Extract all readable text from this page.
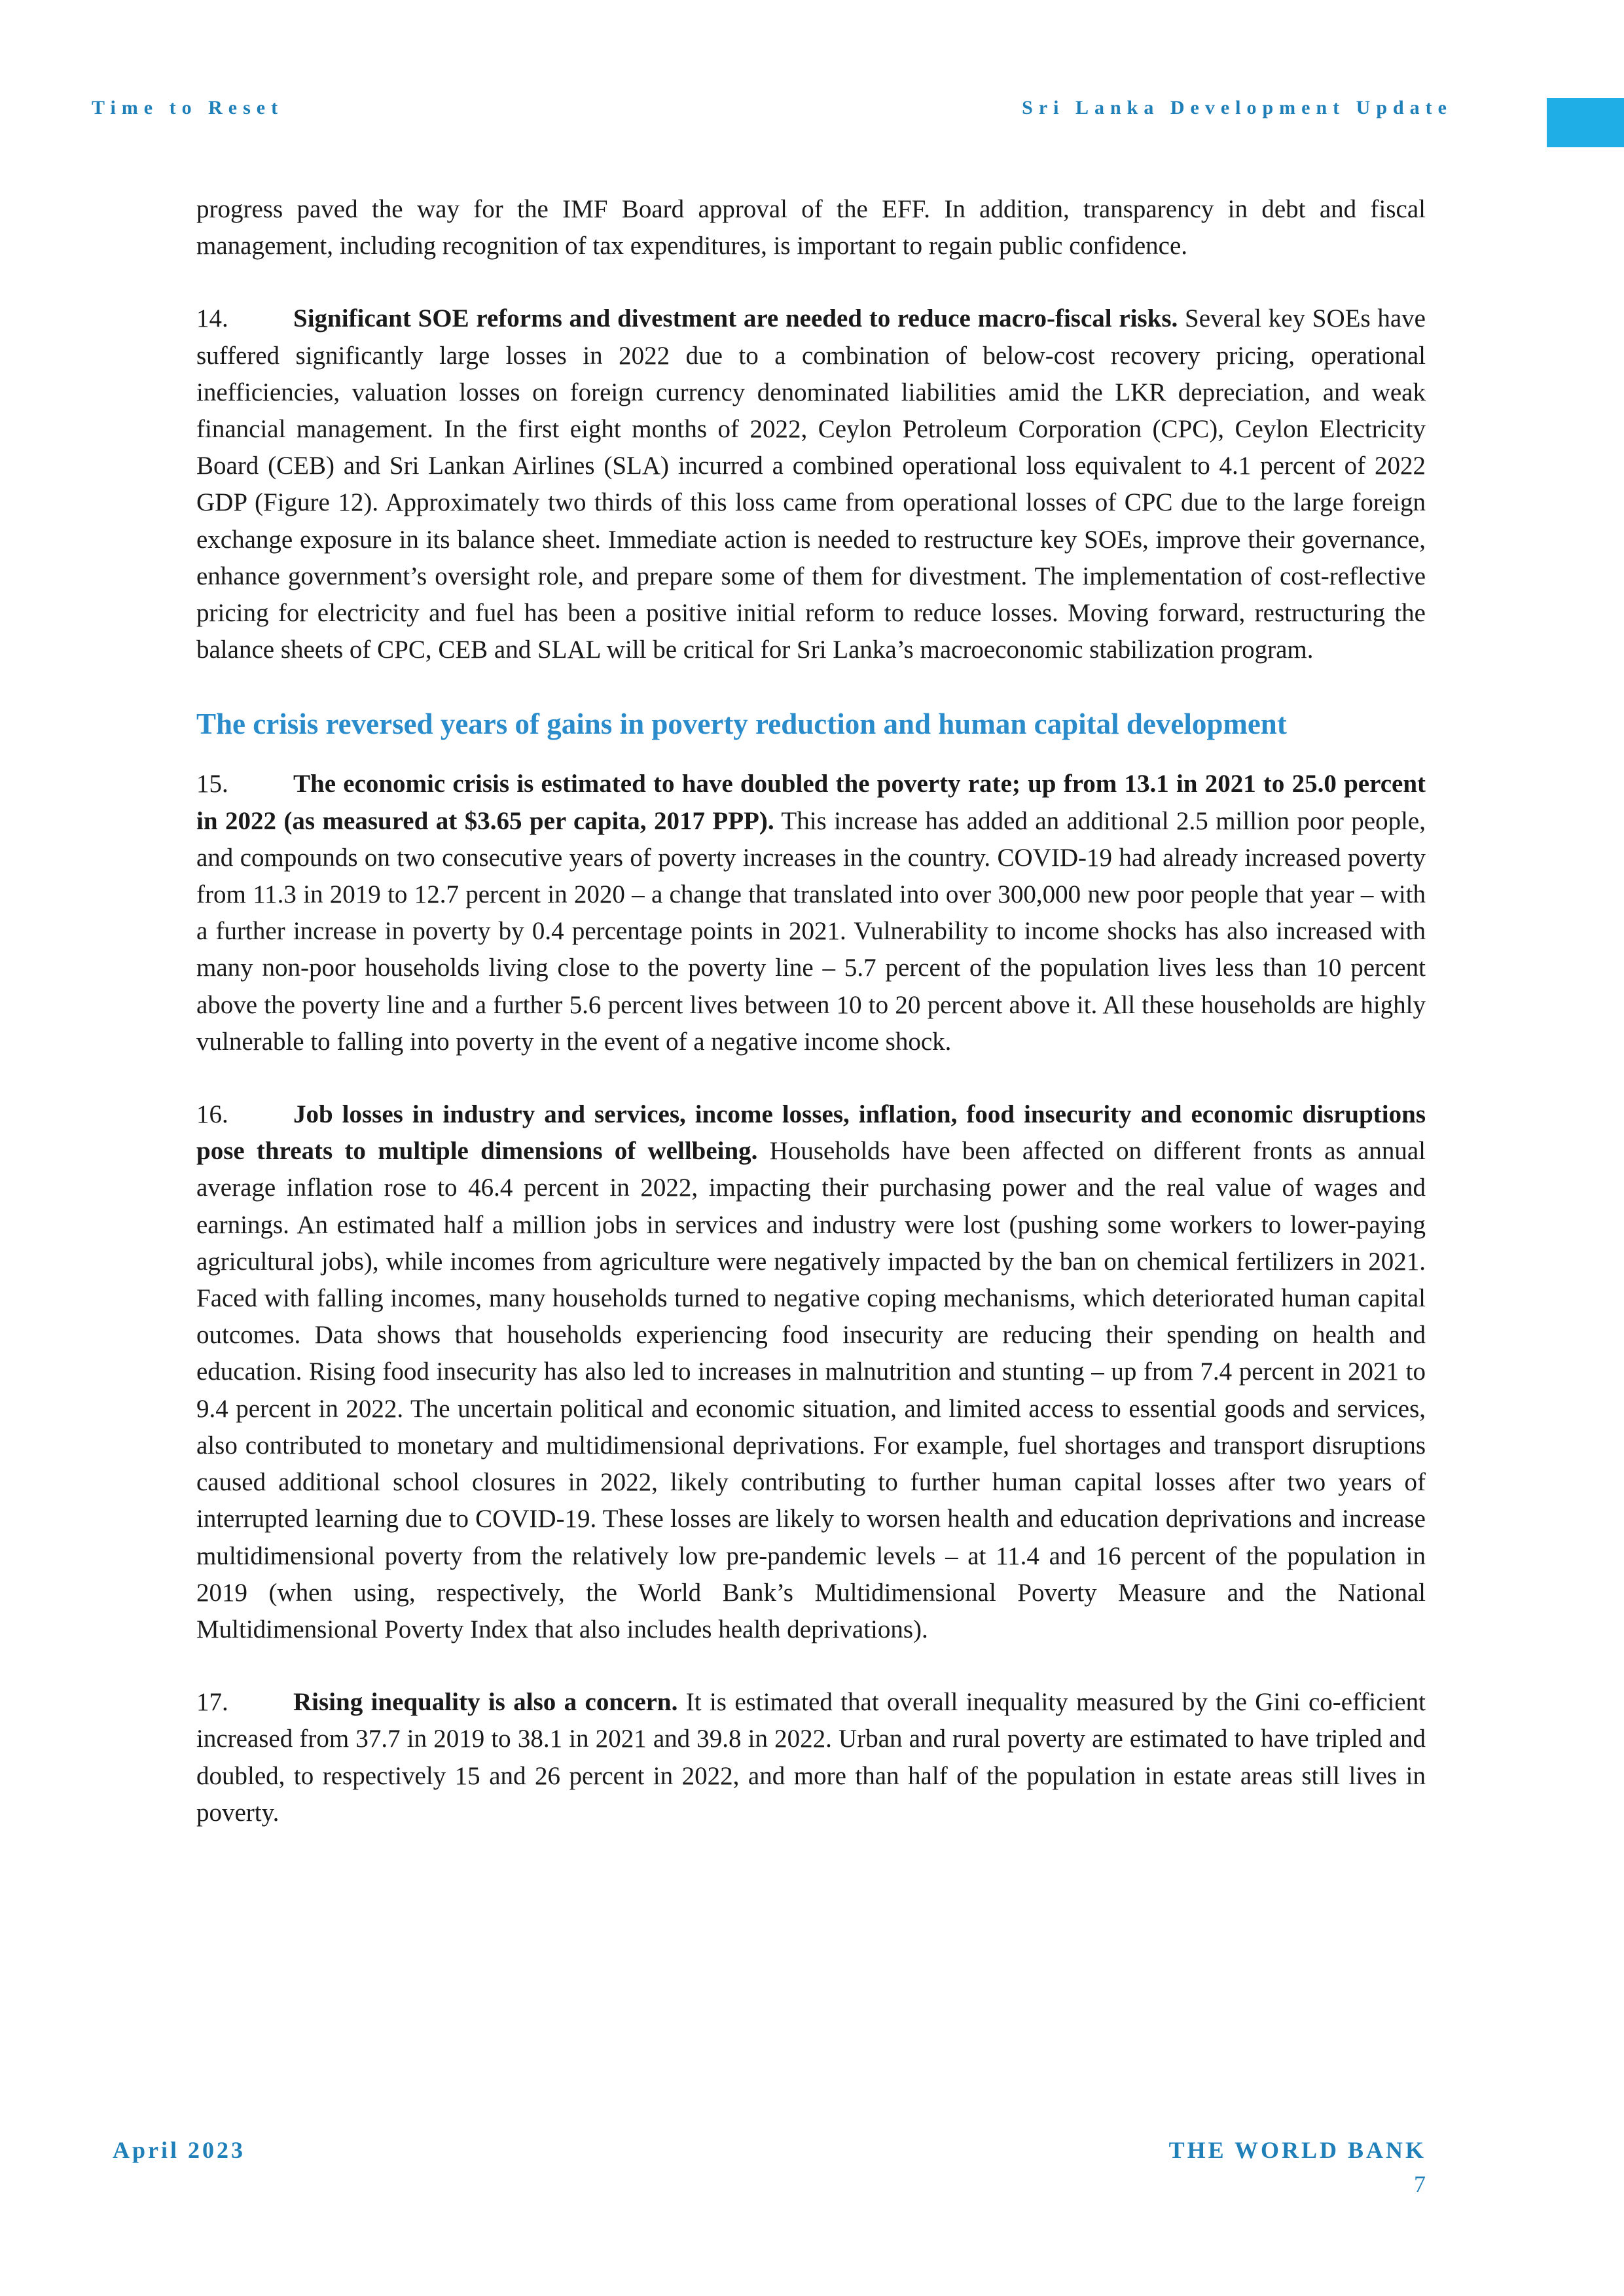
Time to Reset	Sri Lanka Development Update

progress paved the way for the IMF Board approval of the EFF. In addition, transparency in debt and fiscal management, including recognition of tax expenditures, is important to regain public confidence.

14.	Significant SOE reforms and divestment are needed to reduce macro-fiscal risks. Several key SOEs have suffered significantly large losses in 2022 due to a combination of below-cost recovery pricing, operational inefficiencies, valuation losses on foreign currency denominated liabilities amid the LKR depreciation, and weak financial management. In the first eight months of 2022, Ceylon Petroleum Corporation (CPC), Ceylon Electricity Board (CEB) and Sri Lankan Airlines (SLA) incurred a combined operational loss equivalent to 4.1 percent of 2022 GDP (Figure 12). Approximately two thirds of this loss came from operational losses of CPC due to the large foreign exchange exposure in its balance sheet. Immediate action is needed to restructure key SOEs, improve their governance, enhance government’s oversight role, and prepare some of them for divestment. The implementation of cost-reflective pricing for electricity and fuel has been a positive initial reform to reduce losses. Moving forward, restructuring the balance sheets of CPC, CEB and SLAL will be critical for Sri Lanka’s macroeconomic stabilization program.

The crisis reversed years of gains in poverty reduction and human capital development

15.	The economic crisis is estimated to have doubled the poverty rate; up from 13.1 in 2021 to 25.0 percent in 2022 (as measured at $3.65 per capita, 2017 PPP). This increase has added an additional 2.5 million poor people, and compounds on two consecutive years of poverty increases in the country. COVID-19 had already increased poverty from 11.3 in 2019 to 12.7 percent in 2020 – a change that translated into over 300,000 new poor people that year – with a further increase in poverty by 0.4 percentage points in 2021. Vulnerability to income shocks has also increased with many non-poor households living close to the poverty line – 5.7 percent of the population lives less than 10 percent above the poverty line and a further 5.6 percent lives between 10 to 20 percent above it. All these households are highly vulnerable to falling into poverty in the event of a negative income shock.

16.	Job losses in industry and services, income losses, inflation, food insecurity and economic disruptions pose threats to multiple dimensions of wellbeing. Households have been affected on different fronts as annual average inflation rose to 46.4 percent in 2022, impacting their purchasing power and the real value of wages and earnings. An estimated half a million jobs in services and industry were lost (pushing some workers to lower-paying agricultural jobs), while incomes from agriculture were negatively impacted by the ban on chemical fertilizers in 2021. Faced with falling incomes, many households turned to negative coping mechanisms, which deteriorated human capital outcomes. Data shows that households experiencing food insecurity are reducing their spending on health and education. Rising food insecurity has also led to increases in malnutrition and stunting – up from 7.4 percent in 2021 to 9.4 percent in 2022. The uncertain political and economic situation, and limited access to essential goods and services, also contributed to monetary and multidimensional deprivations. For example, fuel shortages and transport disruptions caused additional school closures in 2022, likely contributing to further human capital losses after two years of interrupted learning due to COVID-19. These losses are likely to worsen health and education deprivations and increase multidimensional poverty from the relatively low pre-pandemic levels – at 11.4 and 16 percent of the population in 2019 (when using, respectively, the World Bank’s Multidimensional Poverty Measure and the National Multidimensional Poverty Index that also includes health deprivations).

17.	Rising inequality is also a concern. It is estimated that overall inequality measured by the Gini co-efficient increased from 37.7 in 2019 to 38.1 in 2021 and 39.8 in 2022. Urban and rural poverty are estimated to have tripled and doubled, to respectively 15 and 26 percent in 2022, and more than half of the population in estate areas still lives in poverty.

April 2023	THE WORLD BANK
7
